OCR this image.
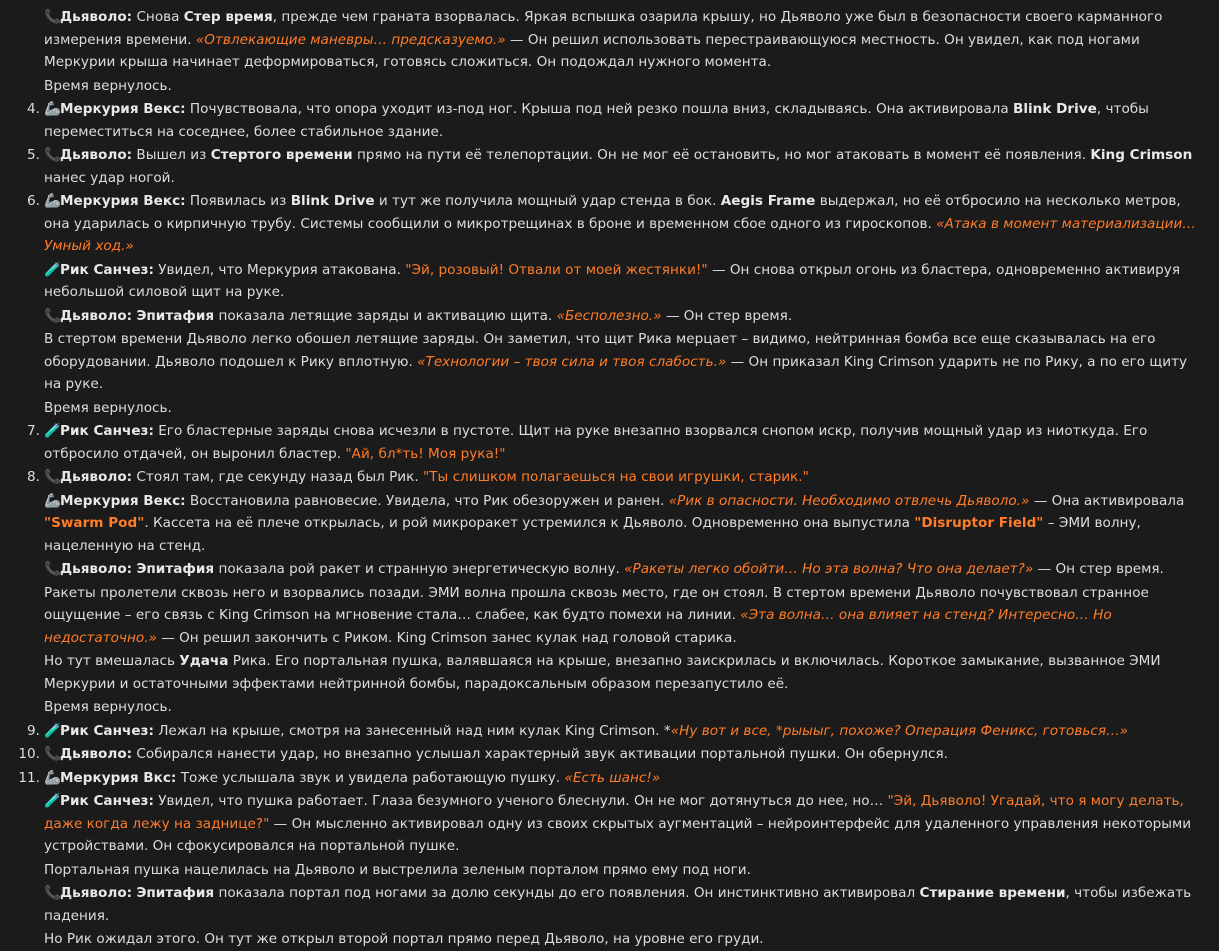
📞Дьяволо: Снова Стер время, прежде чем граната взорвалась. Яркая вспышка озарила крышу, но Дьяволо уже был в безопасности своего карманного измерения времени. «Отвлекающие маневры… предсказуемо.» — Он решил использовать перестраивающуюся местность. Он увидел, как под ногами Меркурии крыша начинает деформироваться, готовясь сложиться. Он подождал нужного момента.
Время вернулось.
4. 🦾Меркурия Векс: Почувствовала, что опора уходит из-под ног. Крыша под ней резко пошла вниз, складываясь. Она активировала Blink Drive, чтобы переместиться на соседнее, более стабильное здание.
5. 📞Дьяволо: Вышел из Стертого времени прямо на пути её телепортации. Он не мог её остановить, но мог атаковать в момент её появления. King Crimson нанес удар ногой.
6. 🦾Меркурия Векс: Появилась из Blink Drive и тут же получила мощный удар стенда в бок. Aegis Frame выдержал, но её отбросило на несколько метров, она ударилась о кирпичную трубу. Системы сообщили о микротрещинах в броне и временном сбое одного из гироскопов. «Атака в момент материализации… Умный ход.»
🧪Рик Санчез: Увидел, что Меркурия атакована. "Эй, розовый! Отвали от моей жестянки!" — Он снова открыл огонь из бластера, одновременно активируя небольшой силовой щит на руке.
📞Дьяволо: Эпитафия показала летящие заряды и активацию щита. «Бесполезно.» — Он стер время.
В стертом времени Дьяволо легко обошел летящие заряды. Он заметил, что щит Рика мерцает – видимо, нейтринная бомба все еще сказывалась на его оборудовании. Дьяволо подошел к Рику вплотную. «Технологии – твоя сила и твоя слабость.» — Он приказал King Crimson ударить не по Рику, а по его щиту на руке.
Время вернулось.
7. 🧪Рик Санчез: Его бластерные заряды снова исчезли в пустоте. Щит на руке внезапно взорвался снопом искр, получив мощный удар из ниоткуда. Его отбросило отдачей, он выронил бластер. "Ай, бл*ть! Моя рука!"
8. 📞Дьяволо: Стоял там, где секунду назад был Рик. "Ты слишком полагаешься на свои игрушки, старик."
🦾Меркурия Векс: Восстановила равновесие. Увидела, что Рик обезоружен и ранен. «Рик в опасности. Необходимо отвлечь Дьяволо.» — Она активировала "Swarm Pod". Кассета на её плече открылась, и рой микроракет устремился к Дьяволо. Одновременно она выпустила "Disruptor Field" – ЭМИ волну, нацеленную на стенд.
📞Дьяволо: Эпитафия показала рой ракет и странную энергетическую волну. «Ракеты легко обойти… Но эта волна? Что она делает?» — Он стер время.
Ракеты пролетели сквозь него и взорвались позади. ЭМИ волна прошла сквозь место, где он стоял. В стертом времени Дьяволо почувствовал странное ощущение – его связь с King Crimson на мгновение стала… слабее, как будто помехи на линии. «Эта волна… она влияет на стенд? Интересно… Но недостаточно.» — Он решил закончить с Риком. King Crimson занес кулак над головой старика.
Но тут вмешалась Удача Рика. Его портальная пушка, валявшаяся на крыше, внезапно заискрилась и включилась. Короткое замыкание, вызванное ЭМИ Меркурии и остаточными эффектами нейтринной бомбы, парадоксальным образом перезапустило её.
Время вернулось.
9. 🧪Рик Санчез: Лежал на крыше, смотря на занесенный над ним кулак King Crimson. *«Ну вот и все, *рыыыг, похоже? Операция Феникс, готовься…»
10. 📞Дьяволо: Собирался нанести удар, но внезапно услышал характерный звук активации портальной пушки. Он обернулся.
11. 🦾Меркурия Вкс: Тоже услышала звук и увидела работающую пушку. «Есть шанс!»
🧪Рик Санчез: Увидел, что пушка работает. Глаза безумного ученого блеснули. Он не мог дотянуться до нее, но… "Эй, Дьяволо! Угадай, что я могу делать, даже когда лежу на заднице?" — Он мысленно активировал одну из своих скрытых аугментаций – нейроинтерфейс для удаленного управления некоторыми устройствами. Он сфокусировался на портальной пушке.
Портальная пушка нацелилась на Дьяволо и выстрелила зеленым порталом прямо ему под ноги.
📞Дьяволо: Эпитафия показала портал под ногами за долю секунды до его появления. Он инстинктивно активировал Стирание времени, чтобы избежать падения.
Но Рик ожидал этого. Он тут же открыл второй портал прямо перед Дьяволо, на уровне его груди.
